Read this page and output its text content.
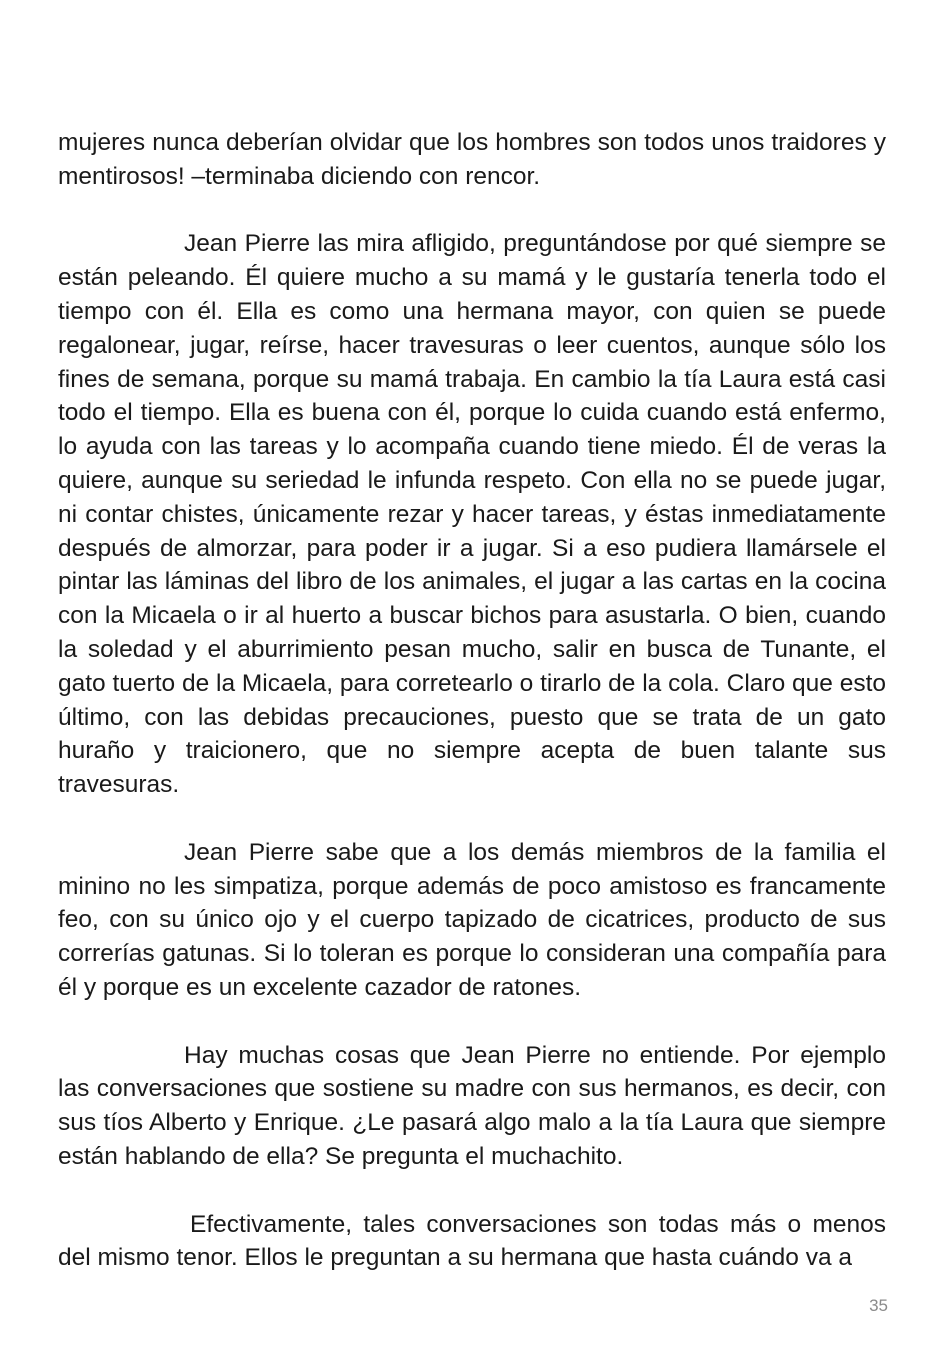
mujeres nunca deberían olvidar que los hombres son todos unos traidores y mentirosos! –terminaba diciendo con rencor.

Jean Pierre las mira afligido, preguntándose por qué siempre se están peleando. Él quiere mucho a su mamá y le gustaría tenerla todo el tiempo con él. Ella es como una hermana mayor, con quien se puede regalonear, jugar, reírse, hacer travesuras o leer cuentos, aunque sólo los fines de semana, porque su mamá trabaja. En cambio la tía Laura está casi todo el tiempo. Ella es buena con él, porque lo cuida cuando está enfermo, lo ayuda con las tareas y lo acompaña cuando tiene miedo. Él de veras la quiere, aunque su seriedad le infunda respeto. Con ella no se puede jugar, ni contar chistes, únicamente rezar y hacer tareas, y éstas inmediatamente después de almorzar, para poder ir a jugar. Si a eso pudiera llamársele el pintar las láminas del libro de los animales, el jugar a las cartas en la cocina con la Micaela o ir al huerto a buscar bichos para asustarla. O bien, cuando la soledad y el aburrimiento pesan mucho, salir en busca de Tunante, el gato tuerto de la Micaela, para corretearlo o tirarlo de la cola. Claro que esto último, con las debidas precauciones, puesto que se trata de un gato huraño y traicionero, que no siempre acepta de buen talante sus travesuras.

Jean Pierre sabe que a los demás miembros de la familia el minino no les simpatiza, porque además de poco amistoso es francamente feo, con su único ojo y el cuerpo tapizado de cicatrices, producto de sus correrías gatunas. Si lo toleran es porque lo consideran una compañía para él y porque es un excelente cazador de ratones.

Hay muchas cosas que Jean Pierre no entiende. Por ejemplo las conversaciones que sostiene su madre con sus hermanos, es decir, con sus tíos Alberto y Enrique. ¿Le pasará algo malo a la tía Laura que siempre están hablando de ella? Se pregunta el muchachito.

Efectivamente, tales conversaciones son todas más o menos del mismo tenor. Ellos le preguntan a su hermana que hasta cuándo va a

35
